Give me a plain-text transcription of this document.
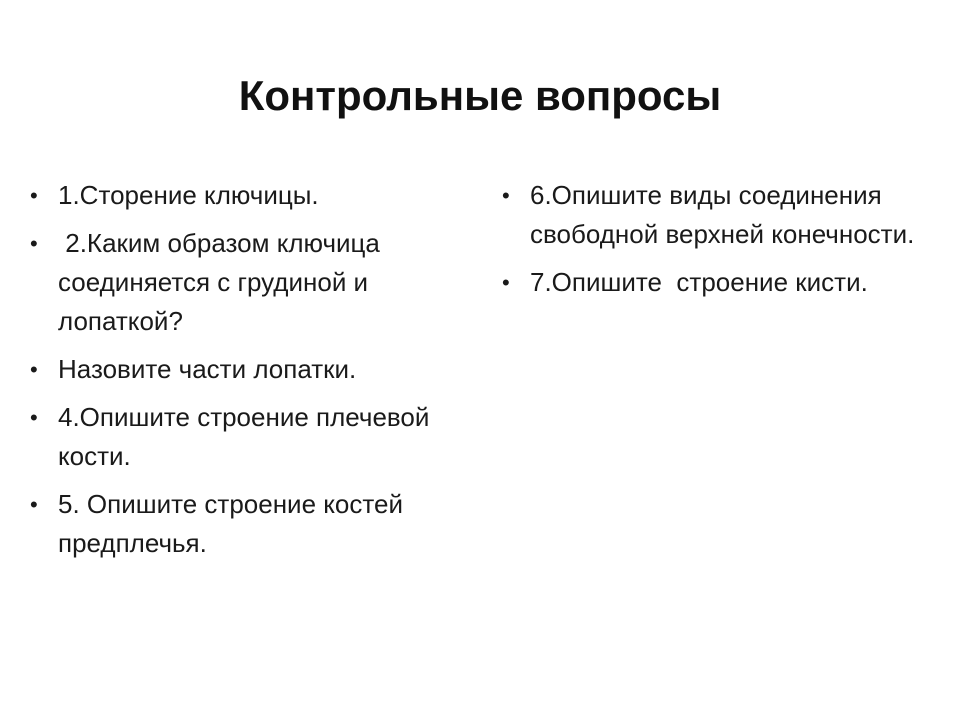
Контрольные вопросы
• 1.Сторение ключицы.
• 2.Каким образом ключица соединяется с грудиной и лопаткой?
• Назовите части лопатки.
• 4.Опишите строение плечевой кости.
• 5. Опишите строение костей предплечья.
• 6.Опишите виды соединения свободной верхней конечности.
• 7.Опишите  строение кисти.
